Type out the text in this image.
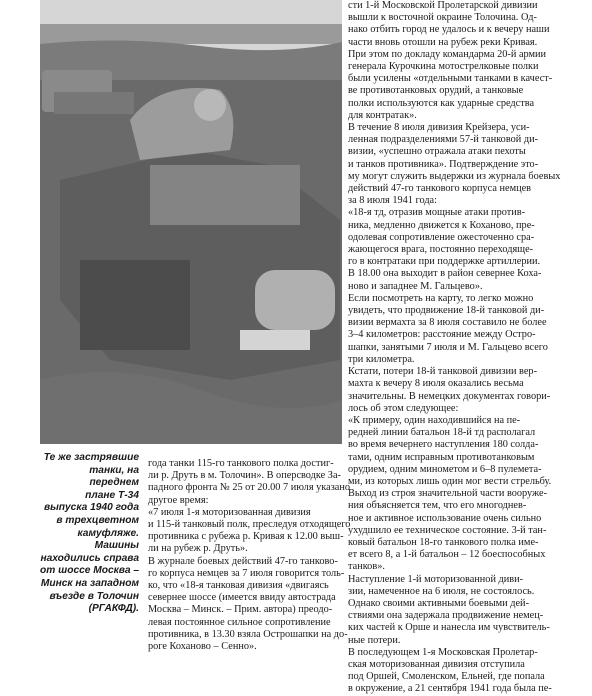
Те же застрявшие
танки, на переднем
плане Т-34
выпуска 1940 года
в трехцветном
камуфляже.
Машины
находились справа
от шоссе Москва –
Минск на западном
въезде в Толочин
(РГАКФД).
сти 1-й Московской Пролетарской дивизии
вышли к восточной окраине Толочина. Од-
нако отбить город не удалось и к вечеру наши
части вновь отошли на рубеж реки Кривая.
При этом по докладу командарма 20-й армии
генерала Курочкина мотострелковые полки
были усилены «отдельными танками в качест-
ве противотанковых орудий, а танковые
полки используются как ударные средства
для контратак».
В течение 8 июля дивизия Крейзера, уси-
ленная подразделениями 57-й танковой ди-
визии, «успешно отражала атаки пехоты
и танков противника». Подтверждение это-
му могут служить выдержки из журнала боевых
действий 47-го танкового корпуса немцев
за 8 июля 1941 года:
«18-я тд, отразив мощные атаки против-
ника, медленно движется к Коханово, пре-
одолевая сопротивление ожесточенно сра-
жающегося врага, постоянно переходяще-
го в контратаки при поддержке артиллерии.
В 18.00 она выходит в район севернее Коха-
ново и западнее М. Гальцево».
Если посмотреть на карту, то легко можно
увидеть, что продвижение 18-й танковой ди-
визии вермахта за 8 июля составило не более
3–4 километров: расстояние между Остро-
шапки, занятыми 7 июля и М. Гальцево всего
три километра.
Кстати, потери 18-й танковой дивизии вер-
махта к вечеру 8 июля оказались весьма
значительны. В немецких документах говори-
лось об этом следующее:
«К примеру, один находившийся на пе-
редней линии батальон 18-й тд располагал
во время вечернего наступления 180 солда-
тами, одним исправным противотанковым
орудием, одним минометом и 6–8 пулемета-
ми, из которых лишь один мог вести стрельбу.
Выход из строя значительной части вооруже-
ния объясняется тем, что его многоднев-
ное и активное использование очень сильно
ухудшило ее техническое состояние. 3-й тан-
ковый батальон 18-го танкового полка име-
ет всего 8, а 1-й батальон – 12 боеспособных
танков».
Наступление 1-й моторизованной диви-
зии, намеченное на 6 июля, не состоялось.
Однако своими активными боевыми дей-
ствиями она задержала продвижение немец-
ких частей к Орше и нанесла им чувствитель-
ные потери.
В последующем 1-я Московская Пролетар-
ская моторизованная дивизия отступила
под Оршей, Смоленском, Ельней, где попала
в окружение, а 21 сентября 1941 года была пе-
года танки 115-го танкового полка достиг-
ли р. Друть в м. Толочин». В оперсводке За-
падного фронта № 25 от 20.00 7 июля указано
другое время:
«7 июля 1-я моторизованная дивизия
и 115-й танковый полк, преследуя отходящего
противника с рубежа р. Кривая к 12.00 выш-
ли на рубеж р. Друть».
В журнале боевых действий 47-го танково-
го корпуса немцев за 7 июля говорится толь-
ко, что «18-я танковая дивизия «двигаясь
севернее шоссе (имеется ввиду автострада
Москва – Минск. – Прим. автора) преодо-
левая постоянное сильное сопротивление
противника, в 13.30 взяла Острошапки на до-
роге Коханово – Сенно».
